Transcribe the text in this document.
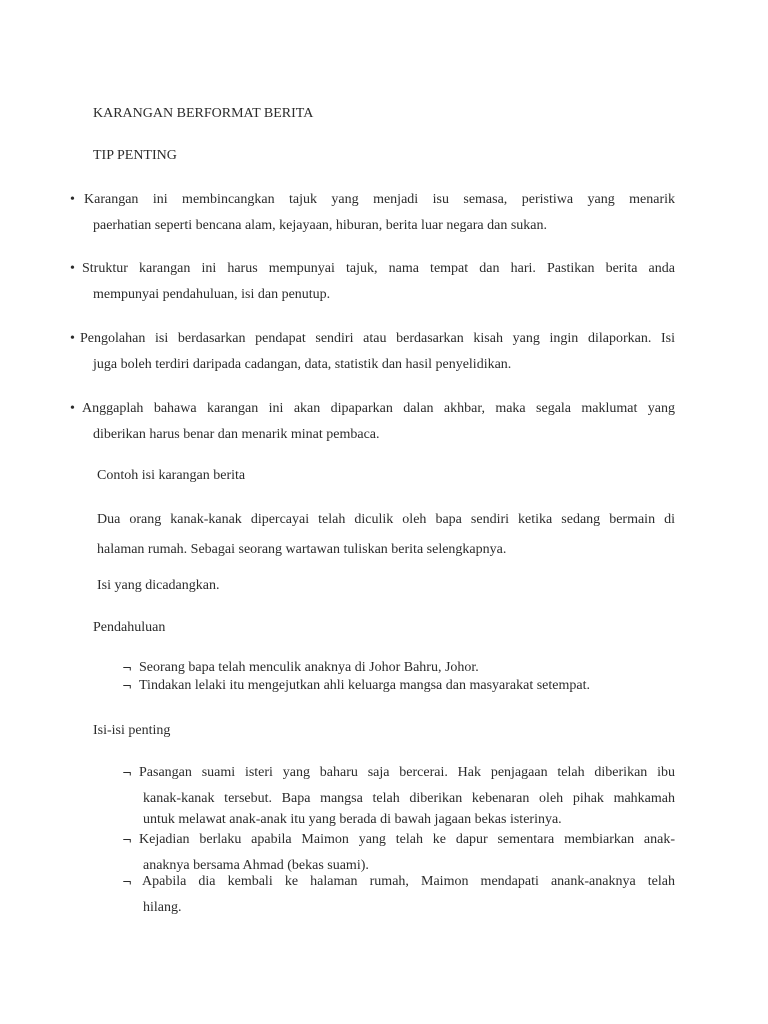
KARANGAN BERFORMAT BERITA
TIP PENTING
• Karangan ini membincangkan tajuk yang menjadi isu semasa, peristiwa yang menarik
paerhatian seperti bencana alam, kejayaan, hiburan, berita luar negara dan sukan.
• Struktur karangan ini harus mempunyai tajuk, nama tempat dan hari. Pastikan berita anda
mempunyai pendahuluan, isi dan penutup.
• Pengolahan isi berdasarkan pendapat sendiri atau berdasarkan kisah yang ingin dilaporkan. Isi
juga boleh terdiri daripada cadangan, data, statistik dan hasil penyelidikan.
• Anggaplah bahawa karangan ini akan dipaparkan dalan akhbar, maka segala maklumat yang
diberikan harus benar dan menarik minat pembaca.
Contoh isi karangan berita
Dua orang kanak-kanak dipercayai telah diculik oleh bapa sendiri ketika sedang bermain di
halaman rumah. Sebagai seorang wartawan tuliskan berita selengkapnya.
Isi yang dicadangkan.
Pendahuluan
¬ Seorang bapa telah menculik anaknya di Johor Bahru, Johor.
¬ Tindakan lelaki itu mengejutkan ahli keluarga mangsa dan masyarakat setempat.
Isi-isi penting
¬ Pasangan suami isteri yang baharu saja bercerai. Hak penjagaan telah diberikan ibu
kanak-kanak tersebut. Bapa mangsa telah diberikan kebenaran oleh pihak mahkamah
untuk melawat anak-anak itu yang berada di bawah jagaan bekas isterinya.
¬ Kejadian berlaku apabila Maimon yang telah ke dapur sementara membiarkan anak-
anaknya bersama Ahmad (bekas suami).
¬ Apabila dia kembali ke halaman rumah, Maimon mendapati anank-anaknya telah
hilang.
